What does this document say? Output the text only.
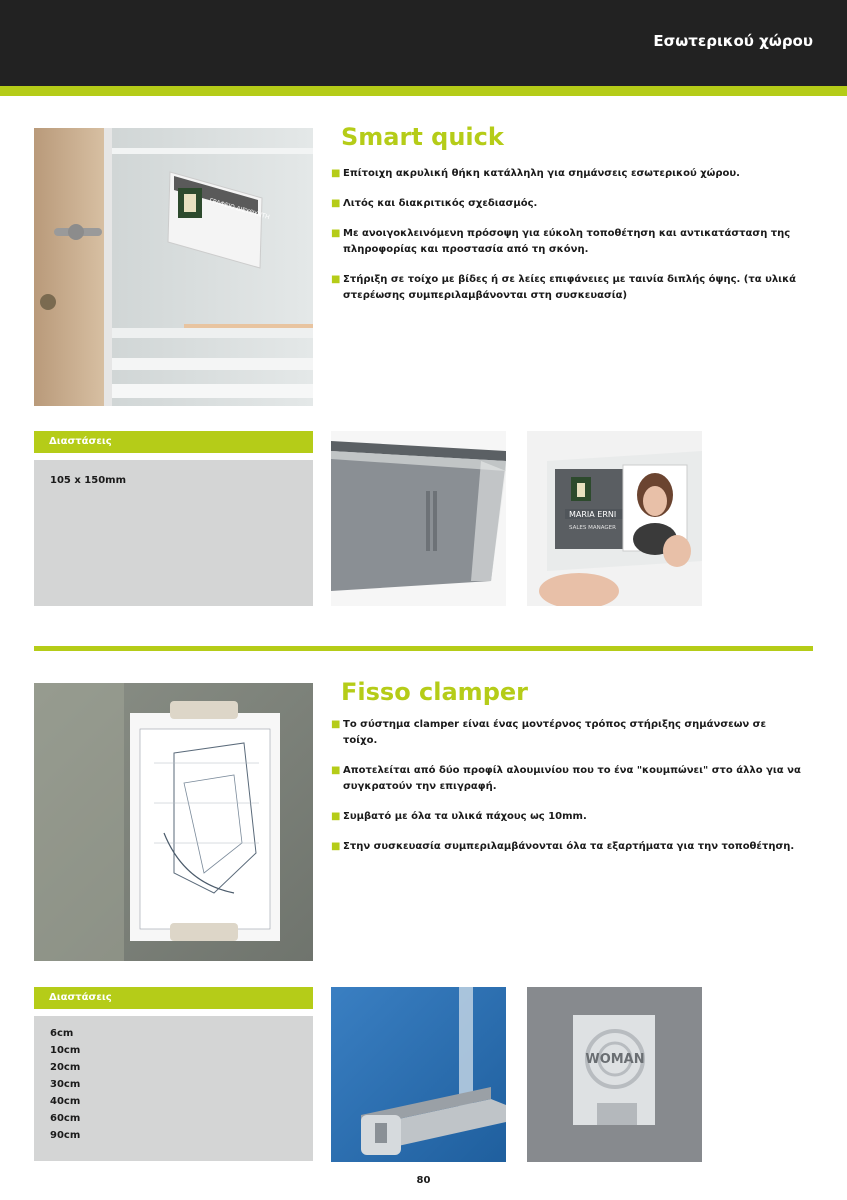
Εσωτερικού χώρου
ΓΡΑΦΕΙΟ ΔΙΕΥΘΥΝΤΗ
Smart quick
■ Επίτοιχη ακρυλική θήκη κατάλληλη για σημάνσεις εσωτερικού χώρου.
■ Λιτός και διακριτικός σχεδιασμός.
■ Με ανοιγοκλεινόμενη πρόσοψη για εύκολη τοποθέτηση και αντικατάσταση της πληροφορίας και προστασία από τη σκόνη.
■ Στήριξη σε τοίχο με βίδες ή σε λείες επιφάνειες με ταινία διπλής όψης. (τα υλικά στερέωσης συμπεριλαμβάνονται στη συσκευασία)
Διαστάσεις
105 x 150mm
MARIA ERNI
SALES MANAGER
Fisso clamper
■ Το σύστημα clamper είναι ένας μοντέρνος τρόπος στήριξης σημάνσεων σε τοίχο.
■ Αποτελείται από δύο προφίλ αλουμινίου που το ένα "κουμπώνει" στο άλλο για να συγκρατούν την επιγραφή.
■ Συμβατό με όλα τα υλικά πάχους ως 10mm.
■ Στην συσκευασία συμπεριλαμβάνονται όλα τα εξαρτήματα για την τοποθέτηση.
Διαστάσεις
6cm
10cm
20cm
30cm
40cm
60cm
90cm
WOMAN
80
